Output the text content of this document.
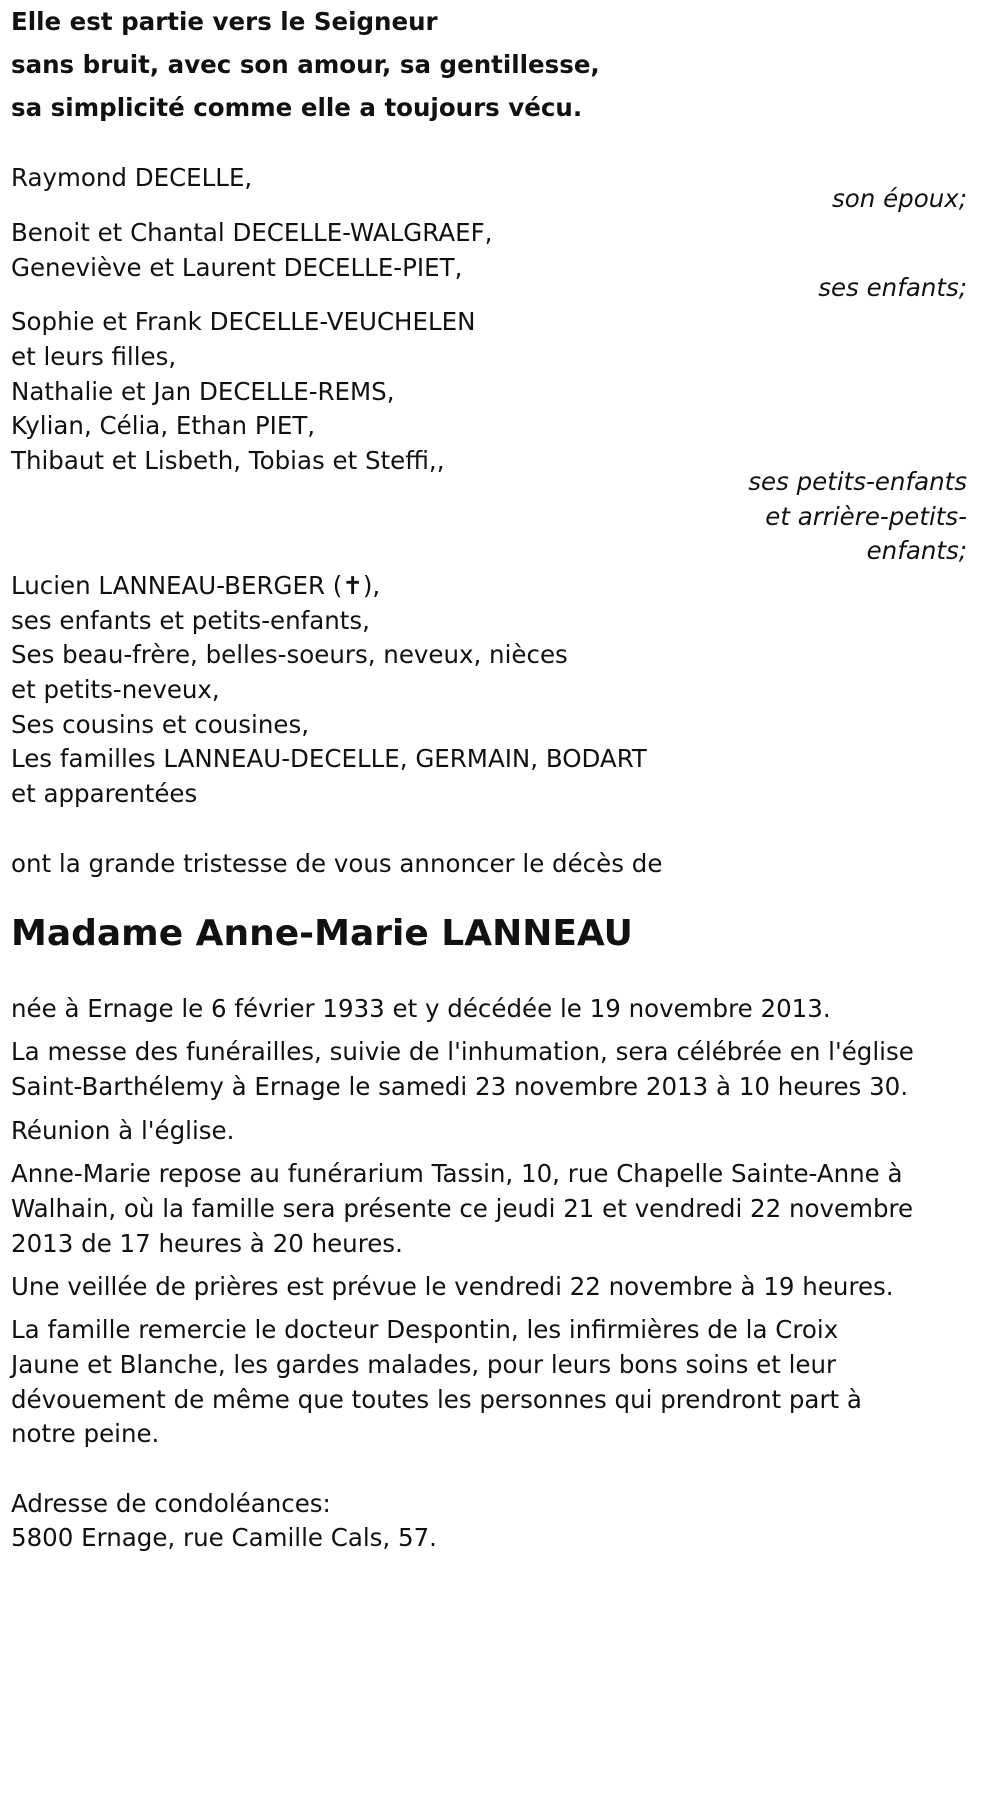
Elle est partie vers le Seigneur
sans bruit, avec son amour, sa gentillesse,
sa simplicité comme elle a toujours vécu.
Raymond DECELLE,
son époux;
Benoit et Chantal DECELLE-WALGRAEF,
Geneviève et Laurent DECELLE-PIET,
ses enfants;
Sophie et Frank DECELLE-VEUCHELEN
et leurs filles,
Nathalie et Jan DECELLE-REMS,
Kylian, Célia, Ethan PIET,
Thibaut et Lisbeth, Tobias et Steffi,,
ses petits-enfants
et arrière-petits-
enfants;
Lucien LANNEAU-BERGER (✝),
ses enfants et petits-enfants,
Ses beau-frère, belles-soeurs, neveux, nièces
et petits-neveux,
Ses cousins et cousines,
Les familles LANNEAU-DECELLE, GERMAIN, BODART
et apparentées
ont la grande tristesse de vous annoncer le décès de
Madame Anne-Marie LANNEAU
née à Ernage le 6 février 1933 et y décédée le 19 novembre 2013.
La messe des funérailles, suivie de l'inhumation, sera célébrée en l'église
Saint-Barthélemy à Ernage le samedi 23 novembre 2013 à 10 heures 30.
Réunion à l'église.
Anne-Marie repose au funérarium Tassin, 10, rue Chapelle Sainte-Anne à
Walhain, où la famille sera présente ce jeudi 21 et vendredi 22 novembre
2013 de 17 heures à 20 heures.
Une veillée de prières est prévue le vendredi 22 novembre à 19 heures.
La famille remercie le docteur Despontin, les infirmières de la Croix
Jaune et Blanche, les gardes malades, pour leurs bons soins et leur
dévouement de même que toutes les personnes qui prendront part à
notre peine.
Adresse de condoléances:
5800 Ernage, rue Camille Cals, 57.
